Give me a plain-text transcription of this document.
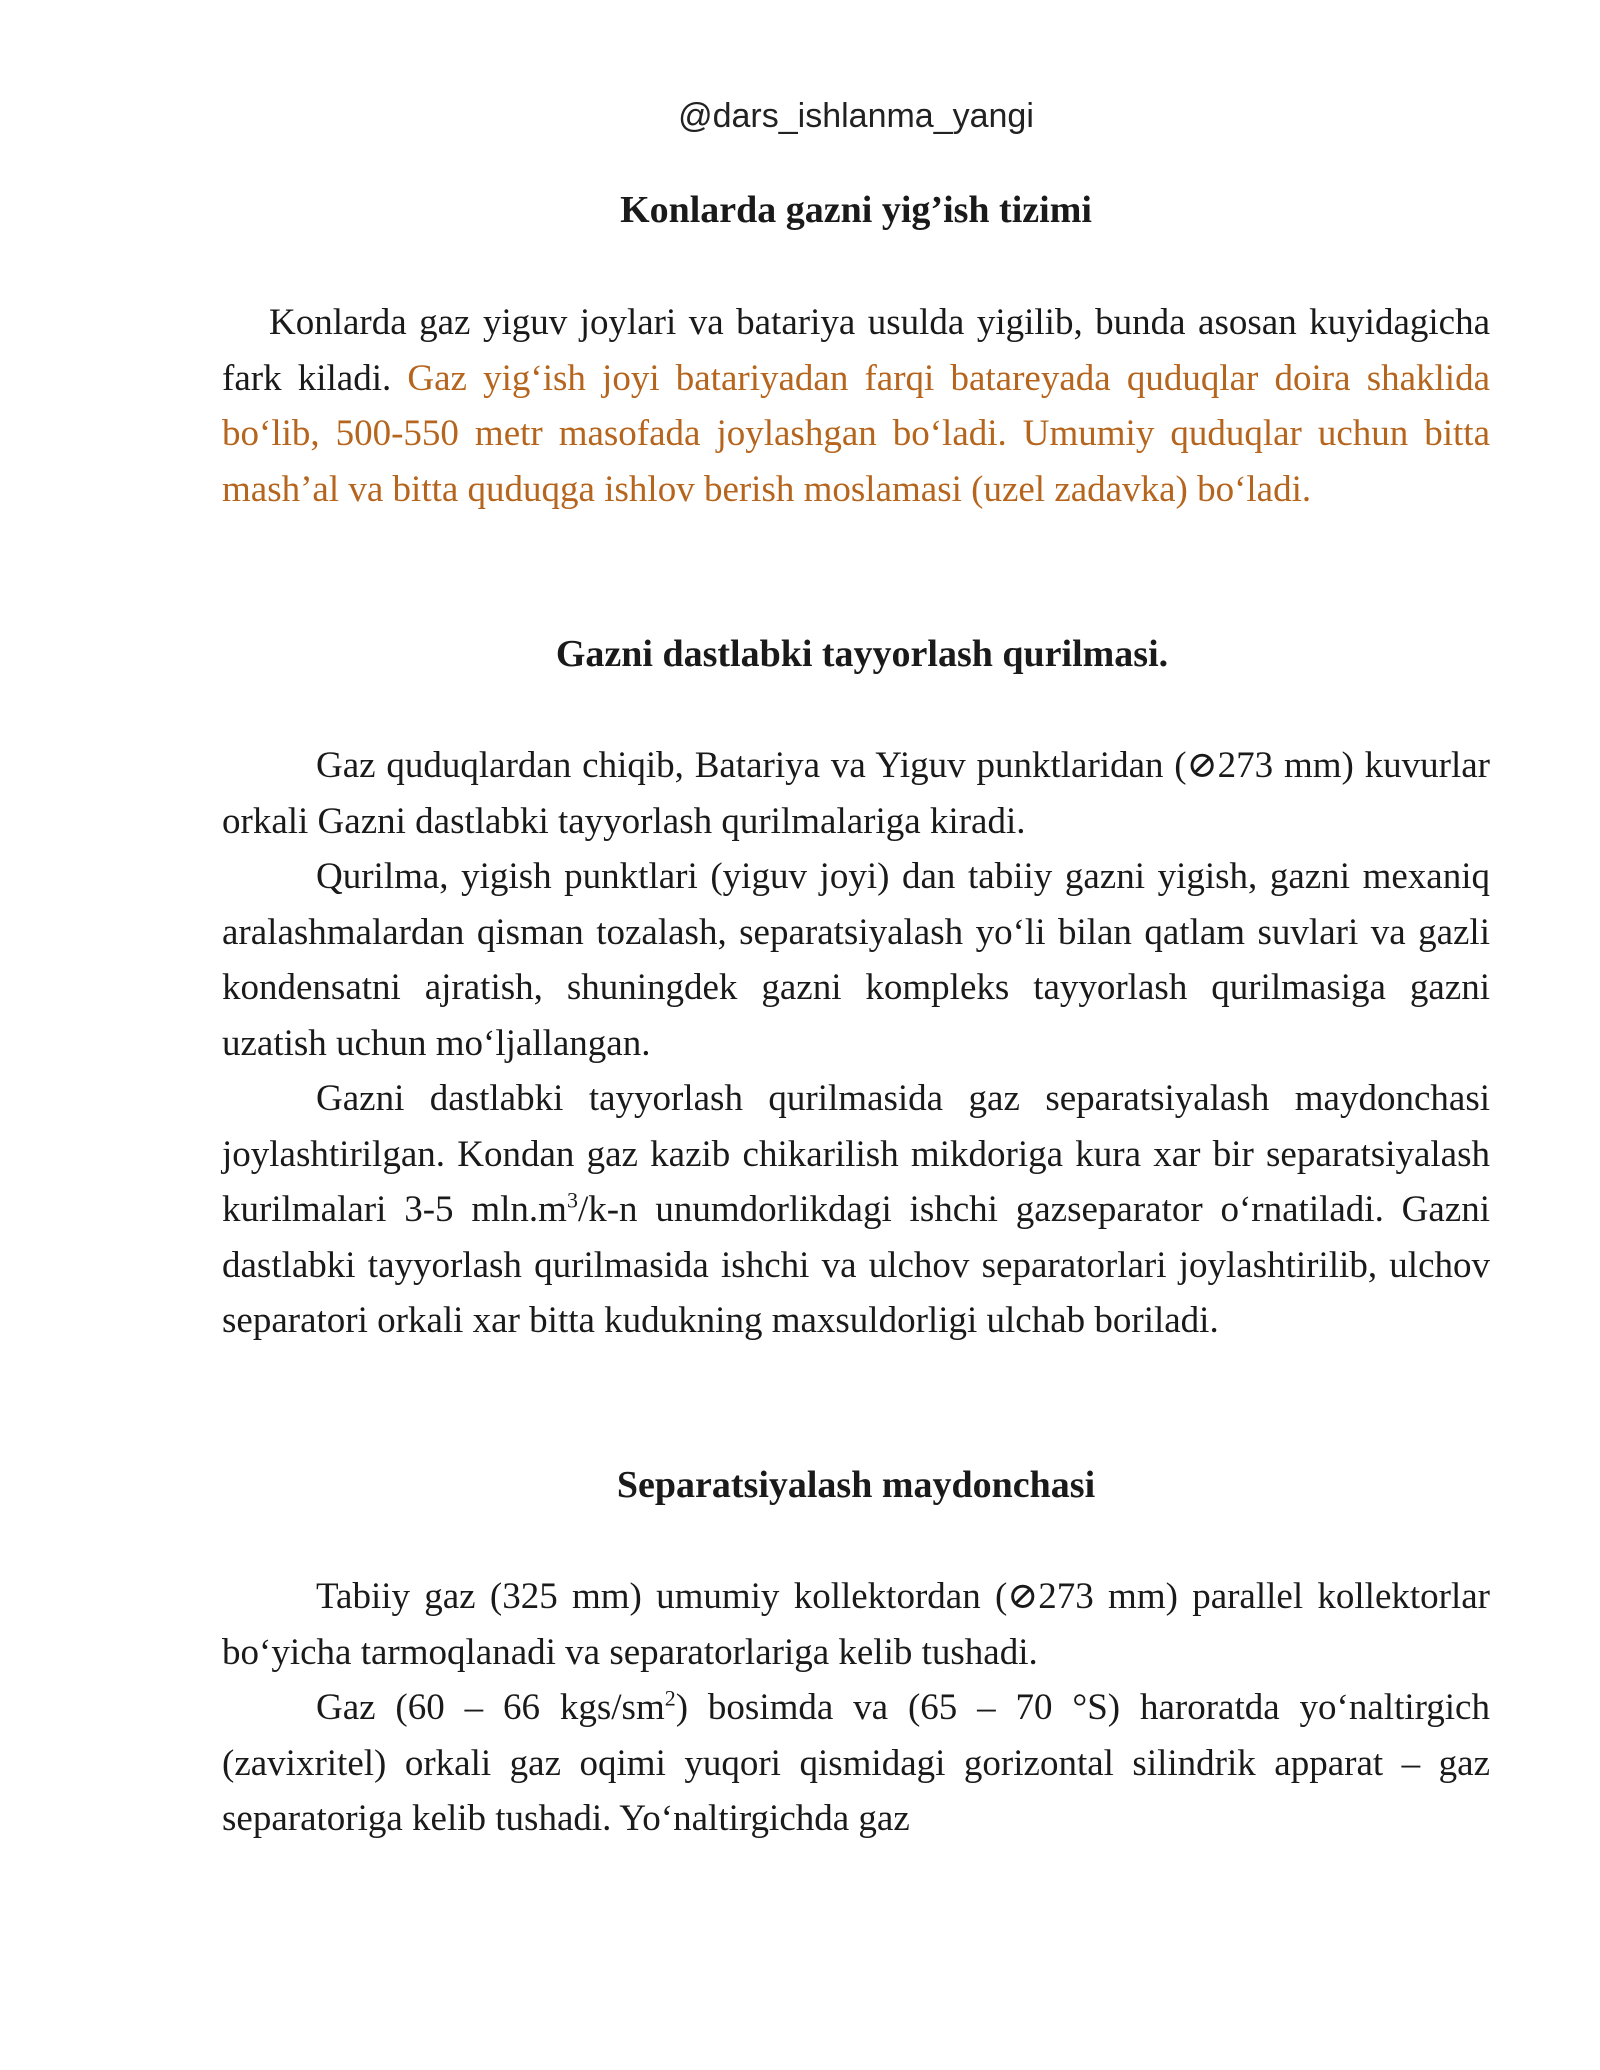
@dars_ishlanma_yangi
Konlarda gazni yig’ish tizimi

Konlarda gaz yiguv joylari va batariya usulda yigilib, bunda asosan kuyidagicha fark kiladi. Gaz yig‘ish joyi batariyadan farqi batareyada quduqlar doira shaklida bo‘lib, 500-550 metr masofada joylashgan bo‘ladi. Umumiy quduqlar uchun bitta mash’al va bitta quduqga ishlov berish moslamasi (uzel zadavka) bo‘ladi.

Gazni dastlabki tayyorlash qurilmasi.

Gaz quduqlardan chiqib, Batariya va Yiguv punktlaridan (⊘273 mm) kuvurlar orkali Gazni dastlabki tayyorlash qurilmalariga kiradi.

Qurilma, yigish punktlari (yiguv joyi) dan tabiiy gazni yigish, gazni mexaniq aralashmalardan qisman tozalash, separatsiyalash yo‘li bilan qatlam suvlari va gazli kondensatni ajratish, shuningdek gazni kompleks tayyorlash qurilmasiga gazni uzatish uchun mo‘ljallangan.

Gazni dastlabki tayyorlash qurilmasida gaz separatsiyalash maydonchasi joylashtirilgan. Kondan gaz kazib chikarilish mikdoriga kura xar bir separatsiyalash kurilmalari 3-5 $mln.m^3/k-n$ unumdorlikdagi ishchi gazseparator o‘rnatiladi. Gazni dastlabki tayyorlash qurilmasida ishchi va ulchov separatorlari joylashtirilib, ulchov separatori orkali xar bitta kudukning maxsuldorligi ulchab boriladi.

Separatsiyalash maydonchasi

Tabiiy gaz (325 mm) umumiy kollektordan (⊘273 mm) parallel kollektorlar bo‘yicha tarmoqlanadi va separatorlariga kelib tushadi.

Gaz (60 – 66 kgs/$sm^2$) bosimda va (65 – 70 °S) haroratda yo‘naltirgich (zavixritel) orkali gaz oqimi yuqori qismidagi gorizontal silindrik apparat – gaz separatoriga kelib tushadi. Yo‘naltirgichda gaz
